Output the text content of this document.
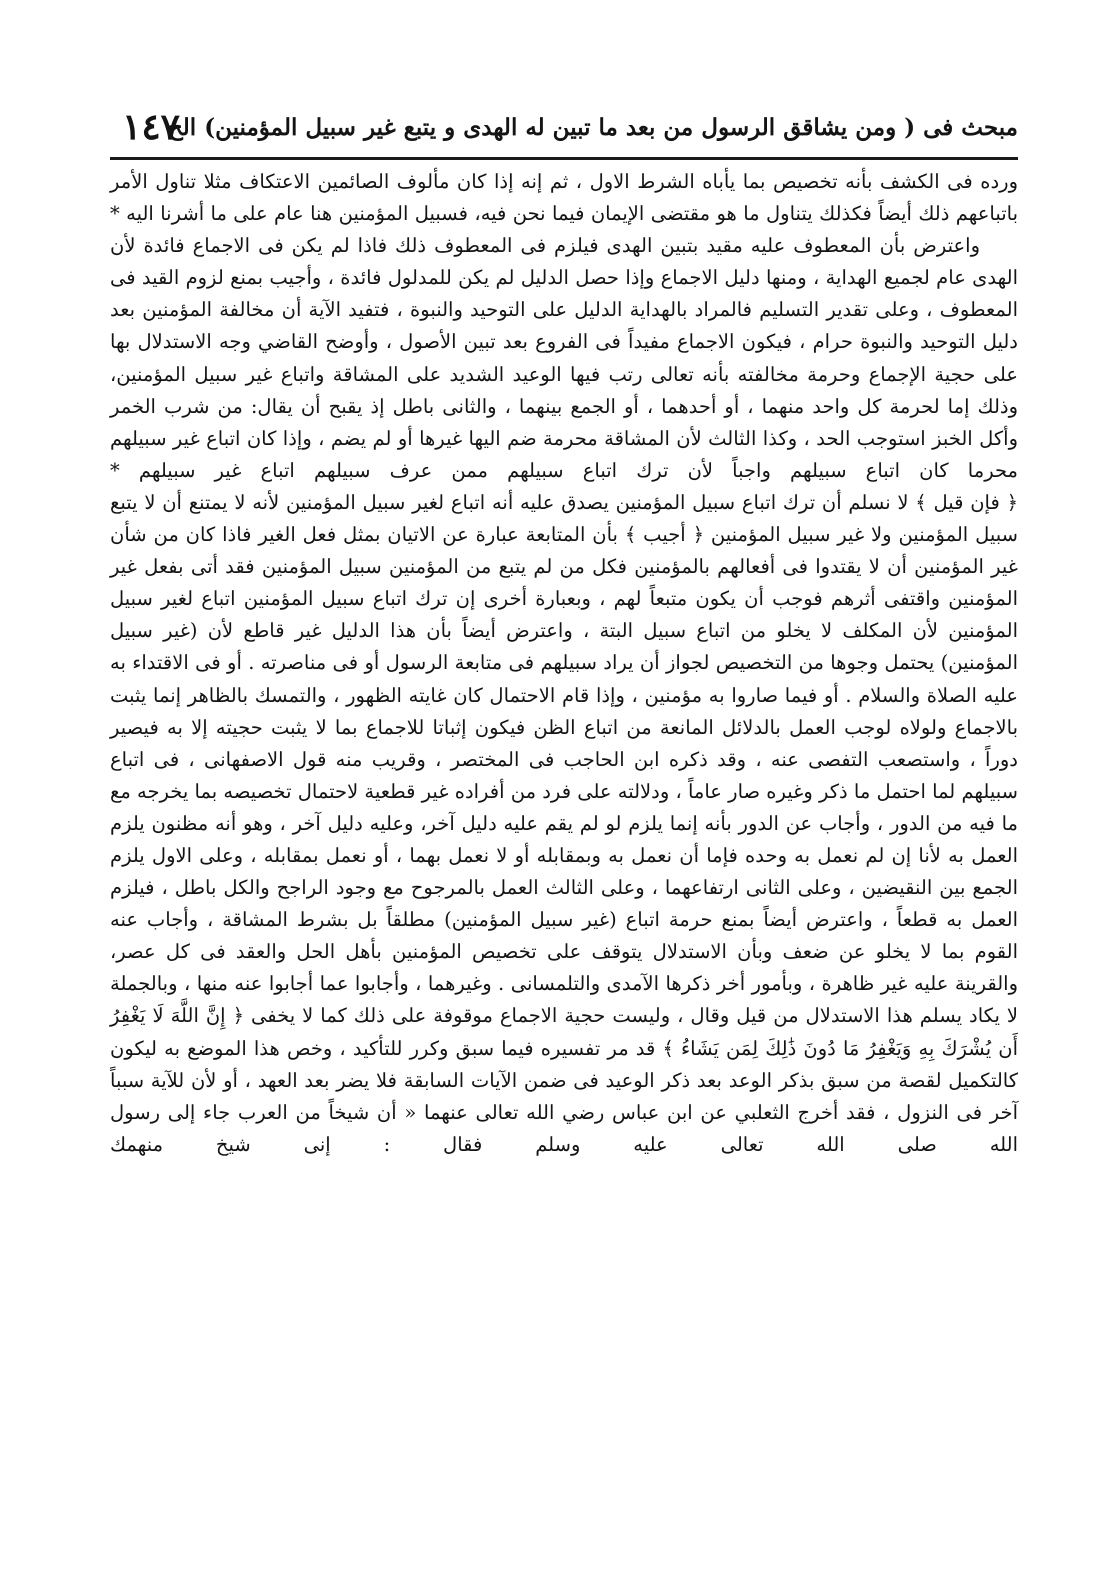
مبحث فى ( ومن يشاقق الرسول من بعد ما تبين له الهدى و يتبع غير سبيل المؤمنين) الخ
١٤٧

ورده فى الكشف بأنه تخصيص بما يأباه الشرط الاول ، ثم إنه إذا كان مألوف الصائمين الاعتكاف مثلا تناول الأمر باتباعهم ذلك أيضاً فكذلك يتناول ما هو مقتضى الإيمان فيما نحن فيه، فسبيل المؤمنين هنا عام على ما أشرنا اليه *

واعترض بأن المعطوف عليه مقيد بتبين الهدى فيلزم فى المعطوف ذلك فاذا لم يكن فى الاجماع فائدة لأن الهدى عام لجميع الهداية ، ومنها دليل الاجماع وإذا حصل الدليل لم يكن للمدلول فائدة ، وأجيب بمنع لزوم القيد فى المعطوف ، وعلى تقدير التسليم فالمراد بالهداية الدليل على التوحيد والنبوة ، فتفيد الآية أن مخالفة المؤمنين بعد دليل التوحيد والنبوة حرام ، فيكون الاجماع مفيداً فى الفروع بعد تبين الأصول ، وأوضح القاضي وجه الاستدلال بها على حجية الإجماع وحرمة مخالفته بأنه تعالى رتب فيها الوعيد الشديد على المشاقة واتباع غير سبيل المؤمنين، وذلك إما لحرمة كل واحد منهما ، أو أحدهما ، أو الجمع بينهما ، والثانى باطل إذ يقبح أن يقال: من شرب الخمر وأكل الخبز استوجب الحد ، وكذا الثالث لأن المشاقة محرمة ضم اليها غيرها أو لم يضم ، وإذا كان اتباع غير سبيلهم محرما كان اتباع سبيلهم واجباً لأن ترك اتباع سبيلهم ممن عرف سبيلهم اتباع غير سبيلهم *

﴿ فإن قيل ﴾ لا نسلم أن ترك اتباع سبيل المؤمنين يصدق عليه أنه اتباع لغير سبيل المؤمنين لأنه لا يمتنع أن لا يتبع سبيل المؤمنين ولا غير سبيل المؤمنين ﴿ أجيب ﴾ بأن المتابعة عبارة عن الاتيان بمثل فعل الغير فاذا كان من شأن غير المؤمنين أن لا يقتدوا فى أفعالهم بالمؤمنين فكل من لم يتبع من المؤمنين سبيل المؤمنين فقد أتى بفعل غير المؤمنين واقتفى أثرهم فوجب أن يكون متبعاً لهم ، وبعبارة أخرى إن ترك اتباع سبيل المؤمنين اتباع لغير سبيل المؤمنين لأن المكلف لا يخلو من اتباع سبيل البتة ، واعترض أيضاً بأن هذا الدليل غير قاطع لأن (غير سبيل المؤمنين) يحتمل وجوها من التخصيص لجواز أن يراد سبيلهم فى متابعة الرسول أو فى مناصرته . أو فى الاقتداء به عليه الصلاة والسلام . أو فيما صاروا به مؤمنين ، وإذا قام الاحتمال كان غايته الظهور ، والتمسك بالظاهر إنما يثبت بالاجماع ولولاه لوجب العمل بالدلائل المانعة من اتباع الظن فيكون إثباتا للاجماع بما لا يثبت حجيته إلا به فيصير دوراً ، واستصعب التفصى عنه ، وقد ذكره ابن الحاجب فى المختصر ، وقريب منه قول الاصفهانى ، فى اتباع سبيلهم لما احتمل ما ذكر وغيره صار عاماً ، ودلالته على فرد من أفراده غير قطعية لاحتمال تخصيصه بما يخرجه مع ما فيه من الدور ، وأجاب عن الدور بأنه إنما يلزم لو لم يقم عليه دليل آخر، وعليه دليل آخر ، وهو أنه مظنون يلزم العمل به لأنا إن لم نعمل به وحده فإما أن نعمل به وبمقابله أو لا نعمل بهما ، أو نعمل بمقابله ، وعلى الاول يلزم الجمع بين النقيضين ، وعلى الثانى ارتفاعهما ، وعلى الثالث العمل بالمرجوح مع وجود الراجح والكل باطل ، فيلزم العمل به قطعاً ، واعترض أيضاً بمنع حرمة اتباع (غير سبيل المؤمنين) مطلقاً بل بشرط المشاقة ، وأجاب عنه القوم بما لا يخلو عن ضعف وبأن الاستدلال يتوقف على تخصيص المؤمنين بأهل الحل والعقد فى كل عصر، والقرينة عليه غير ظاهرة ، وبأمور أخر ذكرها الآمدى والتلمسانى . وغيرهما ، وأجابوا عما أجابوا عنه منها ، وبالجملة لا يكاد يسلم هذا الاستدلال من قيل وقال ، وليست حجية الاجماع موقوفة على ذلك كما لا يخفى ﴿ إِنَّ اللَّهَ لَا يَغْفِرُ أَن يُشْرَكَ بِهِ وَيَغْفِرُ مَا دُونَ ذَٰلِكَ لِمَن يَشَاءُ ﴾ قد مر تفسيره فيما سبق وكرر للتأكيد ، وخص هذا الموضع به ليكون كالتكميل لقصة من سبق بذكر الوعد بعد ذكر الوعيد فى ضمن الآيات السابقة فلا يضر بعد العهد ، أو لأن للآية سبباً آخر فى النزول ، فقد أخرج الثعلبي عن ابن عباس رضي الله تعالى عنهما « أن شيخاً من العرب جاء إلى رسول الله صلى الله تعالى عليه وسلم فقال : إنى شيخ منهمك
